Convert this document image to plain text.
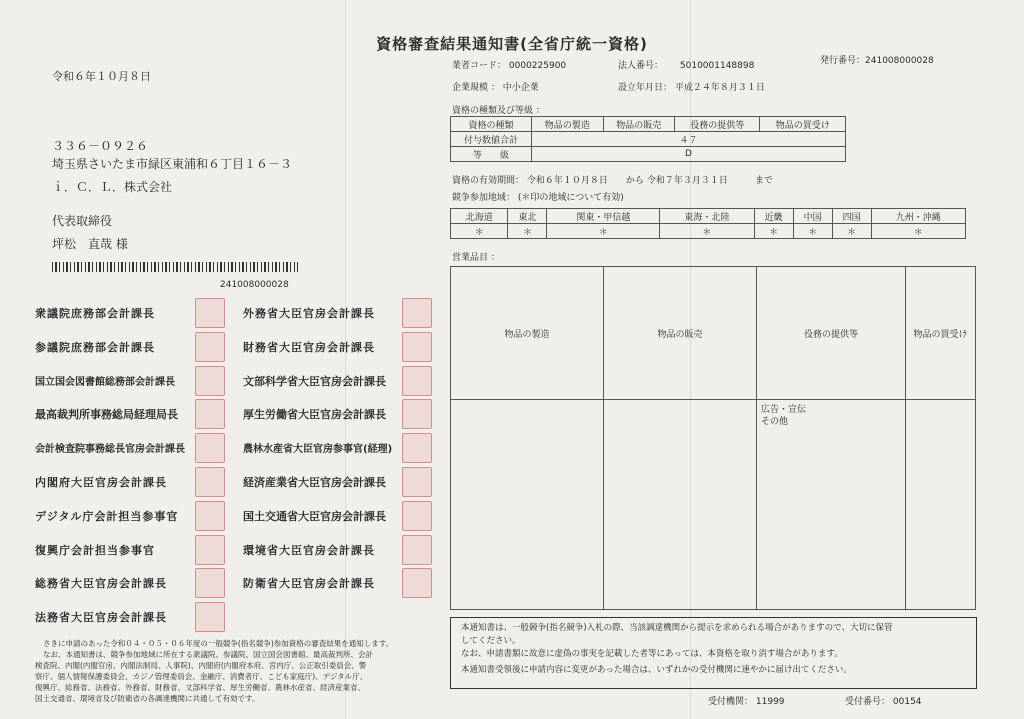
資格審査結果通知書(全省庁統一資格)
令和６年１０月８日
発行番号：241008000028
業者コード： 0000225900	法人番号： 5010001148898
企業規模 ： 中小企業	設立年月日： 平成２４年８月３１日
３３６－０９２６
埼玉県さいたま市緑区東浦和６丁目１６－３
ｉ．Ｃ．Ｌ．株式会社
代表取締役
坪松　直哉 様
241008000028
資格の種類及び等級 ：
資格の種類	物品の製造	物品の販売	役務の提供等	物品の買受け
付与数値合計	４７			
等　　級	D			
資格の有効期間： 令和６年１０月８日　　 から 令和７年３月３１日　　　	まで
競争参加地域： (＊印の地域について有効)
北海道	東北	関東・甲信越	東海・北陸	近畿	中国	四国	九州・沖縄
＊	＊	＊	＊	＊	＊	＊	＊
営業品目 ：
物品の製造	物品の販売	役務の提供等	物品の買受け

		広告・宣伝
その他	

衆議院庶務部会計課長
参議院庶務部会計課長
国立国会図書館総務部会計課長
最高裁判所事務総局経理局長
会計検査院事務総長官房会計課長
内閣府大臣官房会計課長
デジタル庁会計担当参事官
復興庁会計担当参事官
総務省大臣官房会計課長
法務省大臣官房会計課長
外務省大臣官房会計課長
財務省大臣官房会計課長
文部科学省大臣官房会計課長
厚生労働省大臣官房会計課長
農林水産省大臣官房参事官(経理)
経済産業省大臣官房会計課長
国土交通省大臣官房会計課長
環境省大臣官房会計課長
防衛省大臣官房会計課長
さきに申請のあった令和０４・０５・０６年度の一般競争(指名競争)参加資格の審査結果を通知します。
なお、本通知書は、競争参加地域に所在する衆議院、参議院、国立国会図書館、最高裁判所、会計
検査院、内閣(内閣官房、内閣法制局、人事院)、内閣府(内閣府本府、宮内庁、公正取引委員会、警
察庁、個人情報保護委員会、カジノ管理委員会、金融庁、消費者庁、こども家庭庁)、デジタル庁、
復興庁、総務省、法務省、外務省、財務省、文部科学省、厚生労働省、農林水産省、経済産業省、
国土交通省、環境省及び防衛省の各調達機関に共通して有効です。
本通知書は、一般競争(指名競争)入札の際、当該調達機関から提示を求められる場合がありますので、大切に保管
してください。
なお、申請書類に故意に虚偽の事実を記載した者等にあっては、本資格を取り消す場合があります。
本通知書受領後に申請内容に変更があった場合は、いずれかの受付機関に速やかに届け出てください。
受付機関： 11999	受付番号： 00154
